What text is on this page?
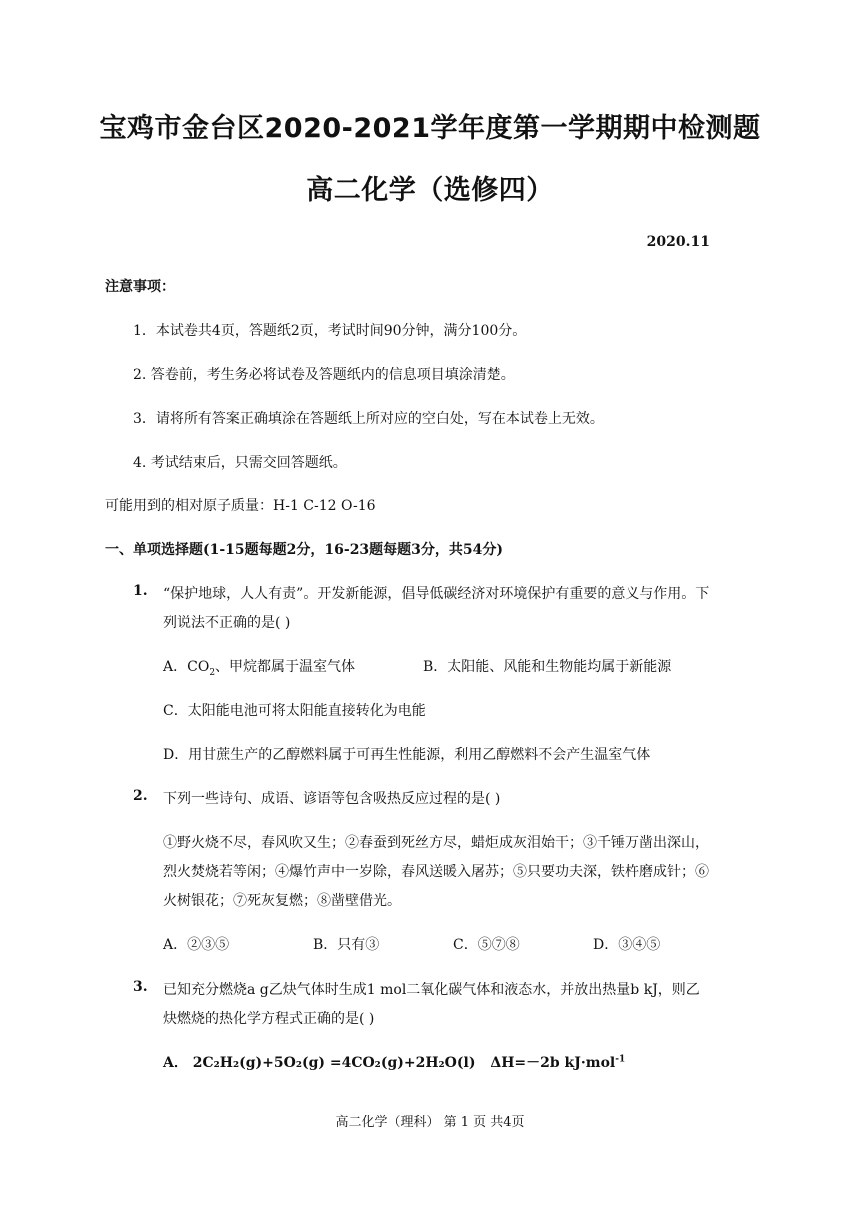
宝鸡市金台区2020-2021学年度第一学期期中检测题
高二化学（选修四）
2020.11
注意事项：
1．本试卷共4页，答题纸2页，考试时间90分钟，满分100分。
2. 答卷前，考生务必将试卷及答题纸内的信息项目填涂清楚。
3．请将所有答案正确填涂在答题纸上所对应的空白处，写在本试卷上无效。
4. 考试结束后，只需交回答题纸。
可能用到的相对原子质量：H-1 C-12 O-16
一、单项选择题(1-15题每题2分，16-23题每题3分，共54分)
1. “保护地球，人人有责”。开发新能源，倡导低碳经济对环境保护有重要的意义与作用。下
列说法不正确的是( )
A．$CO_2$、甲烷都属于温室气体	B．太阳能、风能和生物能均属于新能源
C．太阳能电池可将太阳能直接转化为电能
D．用甘蔗生产的乙醇燃料属于可再生性能源，利用乙醇燃料不会产生温室气体
2. 下列一些诗句、成语、谚语等包含吸热反应过程的是( )
①野火烧不尽，春风吹又生；②春蚕到死丝方尽，蜡炬成灰泪始干；③千锤万凿出深山，
烈火焚烧若等闲；④爆竹声中一岁除，春风送暖入屠苏；⑤只要功夫深，铁杵磨成针；⑥
火树银花；⑦死灰复燃；⑧凿壁借光。
A．②③⑤	B．只有③	C．⑤⑦⑧	D．③④⑤
3. 已知充分燃烧a g乙炔气体时生成1 mol二氧化碳气体和液态水，并放出热量b kJ，则乙
炔燃烧的热化学方程式正确的是( )
A． 2C₂H₂(g)+5O₂(g) =4CO₂(g)+2H₂O(l) ΔH=－2b kJ·mol$^{-1}$
高二化学（理科） 第 1 页 共4页
